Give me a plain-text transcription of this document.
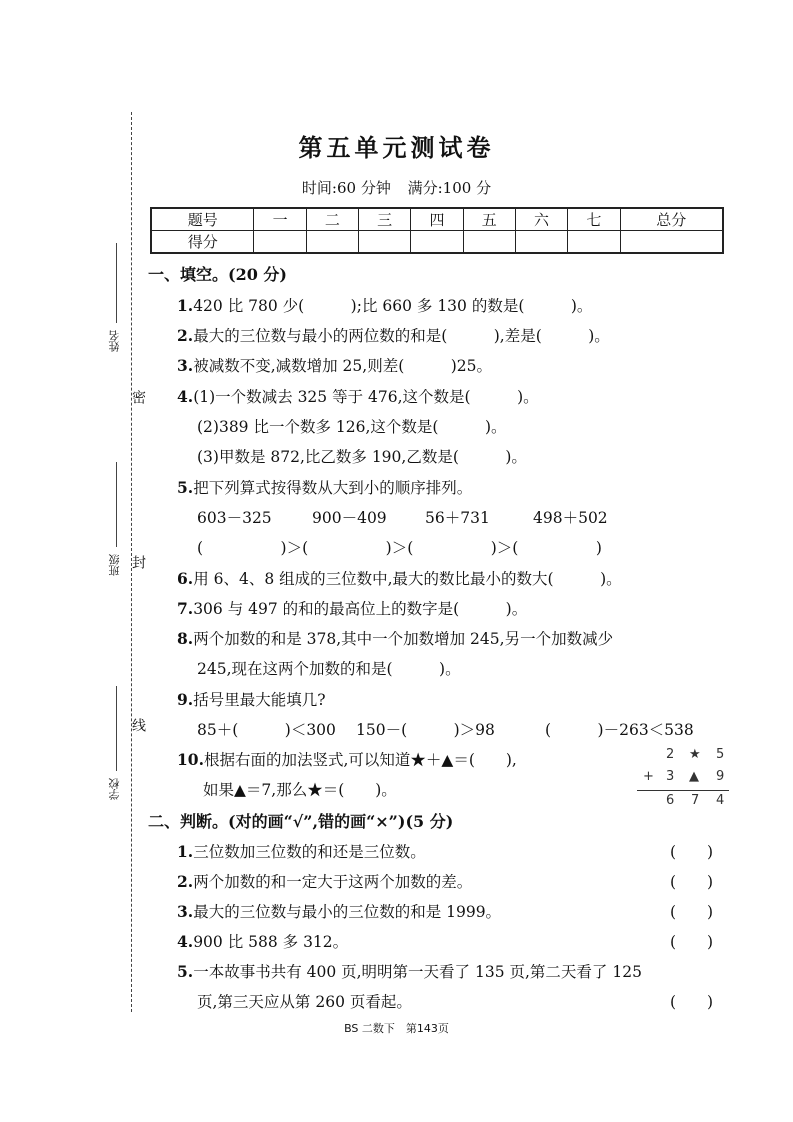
姓名
密
班级 封
线
学校
第五单元测试卷
时间:60 分钟 满分:100 分
题号	一	二	三	四	五	六	七	总分
得分								
一、填空。(20 分)
1.420 比 780 少(　　　);比 660 多 130 的数是(　　　)。
2.最大的三位数与最小的两位数的和是(　　　),差是(　　　)。
3.被减数不变,减数增加 25,则差(　　　)25。
4.(1)一个数减去 325 等于 476,这个数是(　　　)。
(2)389 比一个数多 126,这个数是(　　　)。
(3)甲数是 872,比乙数多 190,乙数是(　　　)。
5.把下列算式按得数从大到小的顺序排列。
603－325	900－409 56＋731	498＋502
(　　　　　)＞(　　　　　)＞(　　　　　)＞(　　　　　)
6.用 6、4、8 组成的三位数中,最大的数比最小的数大(　　　)。
7.306 与 497 的和的最高位上的数字是(　　　)。
8.两个加数的和是 378,其中一个加数增加 245,另一个加数减少
245,现在这两个加数的和是(　　　)。
9.括号里最大能填几?
85＋(　　　)＜300 150－(　　　)＞98	(　　　)－263＜538
10.根据右面的加法竖式,可以知道★＋▲＝(　　),
如果▲＝7,那么★＝(　　)。
2 ★ 5
+ 3 ▲ 9
6 7 4
二、判断。(对的画“√”,错的画“×”)(5 分)
1.三位数加三位数的和还是三位数。	(　　)
2.两个加数的和一定大于这两个加数的差。	(　　)
3.最大的三位数与最小的三位数的和是 1999。	(　　)
4.900 比 588 多 312。	(　　)
5.一本故事书共有 400 页,明明第一天看了 135 页,第二天看了 125
页,第三天应从第 260 页看起。	(　　)
BS 二数下　第143页
